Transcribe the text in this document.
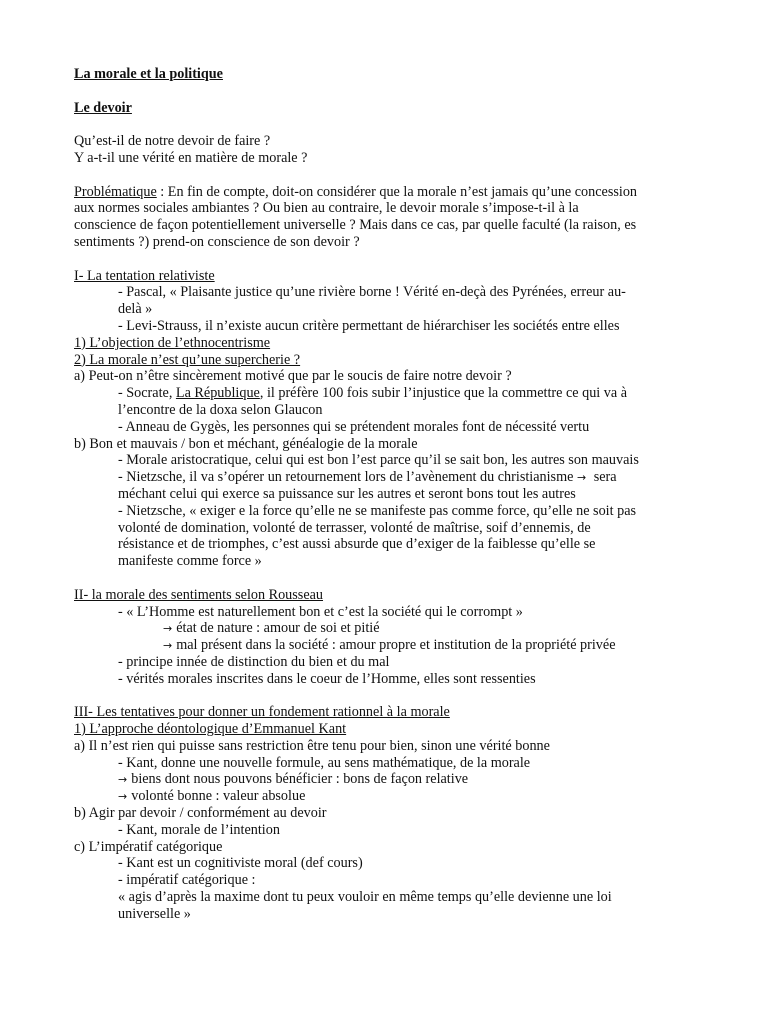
La morale et la politique
Le devoir
Qu’est-il de notre devoir de faire ?
Y a-t-il une vérité en matière de morale ?
Problématique : En fin de compte, doit-on considérer que la morale n’est jamais qu’une concession
aux normes sociales ambiantes ? Ou bien au contraire, le devoir morale s’impose-t-il à la
conscience de façon potentiellement universelle ? Mais dans ce cas, par quelle faculté (la raison, es
sentiments ?) prend-on conscience de son devoir ?
I- La tentation relativiste
- Pascal, « Plaisante justice qu’une rivière borne ! Vérité en-deçà des Pyrénées, erreur au-
delà »
- Levi-Strauss, il n’existe aucun critère permettant de hiérarchiser les sociétés entre elles
1) L’objection de l’ethnocentrisme
2) La morale n’est qu’une supercherie ?
a) Peut-on n’être sincèrement motivé que par le soucis de faire notre devoir ?
- Socrate, La République, il préfère 100 fois subir l’injustice que la commettre ce qui va à
l’encontre de la doxa selon Glaucon
- Anneau de Gygès, les personnes qui se prétendent morales font de nécessité vertu
b) Bon et mauvais / bon et méchant, généalogie de la morale
- Morale aristocratique, celui qui est bon l’est parce qu’il se sait bon, les autres son mauvais
- Nietzsche, il va s’opérer un retournement lors de l’avènement du christianisme → sera
méchant celui qui exerce sa puissance sur les autres et seront bons tout les autres
- Nietzsche, « exiger e la force qu’elle ne se manifeste pas comme force, qu’elle ne soit pas
volonté de domination, volonté de terrasser, volonté de maîtrise, soif d’ennemis, de
résistance et de triomphes, c’est aussi absurde que d’exiger de la faiblesse qu’elle se
manifeste comme force »
II- la morale des sentiments selon Rousseau
- « L’Homme est naturellement bon et c’est la société qui le corrompt »
→ état de nature : amour de soi et pitié
→ mal présent dans la société : amour propre et institution de la propriété privée
- principe innée de distinction du bien et du mal
- vérités morales inscrites dans le coeur de l’Homme, elles sont ressenties
III- Les tentatives pour donner un fondement rationnel à la morale
1) L’approche déontologique d’Emmanuel Kant
a) Il n’est rien qui puisse sans restriction être tenu pour bien, sinon une vérité bonne
- Kant, donne une nouvelle formule, au sens mathématique, de la morale
→ biens dont nous pouvons bénéficier : bons de façon relative
→ volonté bonne : valeur absolue
b) Agir par devoir / conformément au devoir
- Kant, morale de l’intention
c) L’impératif catégorique
- Kant est un cognitiviste moral (def cours)
- impératif catégorique :
« agis d’après la maxime dont tu peux vouloir en même temps qu’elle devienne une loi
universelle »
